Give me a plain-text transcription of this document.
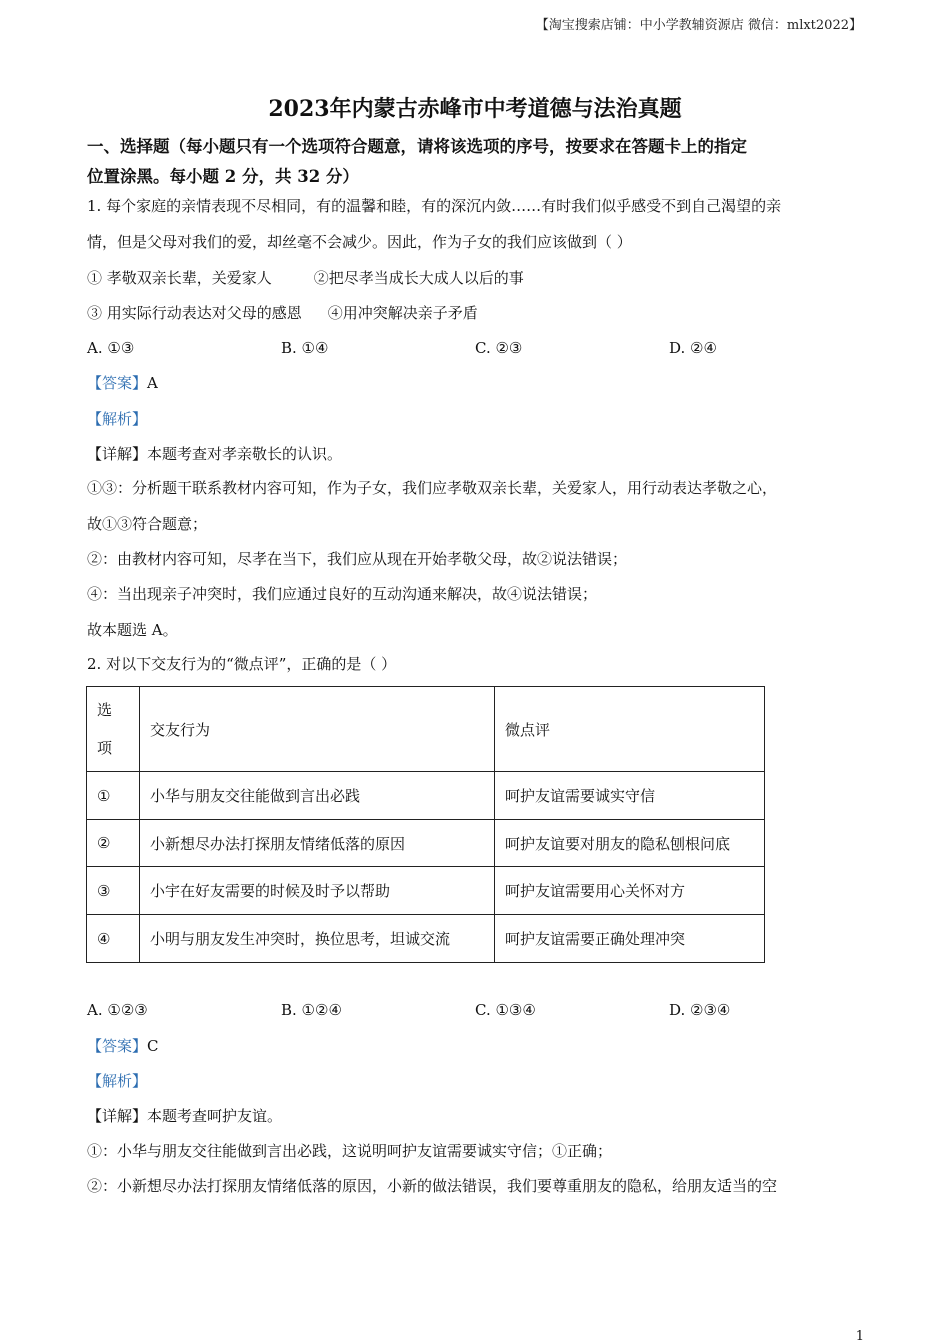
【淘宝搜索店铺：中小学教辅资源店 微信：mlxt2022】
2023年内蒙古赤峰市中考道德与法治真题
一、选择题（每小题只有一个选项符合题意，请将该选项的序号，按要求在答题卡上的指定
位置涂黑。每小题 2 分，共 32 分）
1. 每个家庭的亲情表现不尽相同，有的温馨和睦，有的深沉内敛……有时我们似乎感受不到自己渴望的亲
情，但是父母对我们的爱，却丝毫不会减少。因此，作为子女的我们应该做到（ ）
① 孝敬双亲长辈，关爱家人	②把尽孝当成长大成人以后的事
③ 用实际行动表达对父母的感恩 ④用冲突解决亲子矛盾
A. ①③	B. ①④	C. ②③	D. ②④
【答案】A
【解析】
【详解】本题考查对孝亲敬长的认识。
①③：分析题干联系教材内容可知，作为子女，我们应孝敬双亲长辈，关爱家人，用行动表达孝敬之心，
故①③符合题意；
②：由教材内容可知，尽孝在当下，我们应从现在开始孝敬父母，故②说法错误；
④：当出现亲子冲突时，我们应通过良好的互动沟通来解决，故④说法错误；
故本题选 A。
2. 对以下交友行为的“微点评”，正确的是（ ）
选
项	交友行为	微点评
①	小华与朋友交往能做到言出必践	呵护友谊需要诚实守信
②	小新想尽办法打探朋友情绪低落的原因	呵护友谊要对朋友的隐私刨根问底
③	小宇在好友需要的时候及时予以帮助	呵护友谊需要用心关怀对方
④	小明与朋友发生冲突时，换位思考，坦诚交流	呵护友谊需要正确处理冲突
A. ①②③	B. ①②④	C. ①③④	D. ②③④
【答案】C
【解析】
【详解】本题考查呵护友谊。
①：小华与朋友交往能做到言出必践，这说明呵护友谊需要诚实守信；①正确；
②：小新想尽办法打探朋友情绪低落的原因，小新的做法错误，我们要尊重朋友的隐私，给朋友适当的空
1
